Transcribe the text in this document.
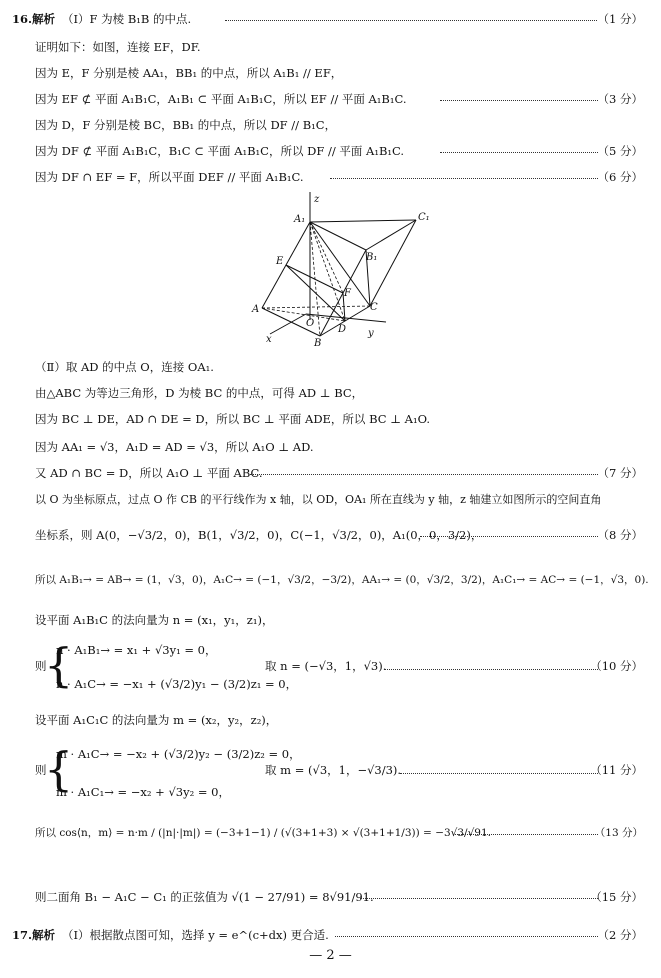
16.解析 （Ⅰ）F 为棱 B₁B 的中点.	（1 分）
证明如下：如图，连接 EF，DF.
因为 E，F 分别是棱 AA₁，BB₁ 的中点，所以 A₁B₁ // EF，
因为 EF ⊄ 平面 A₁B₁C，A₁B₁ ⊂ 平面 A₁B₁C，所以 EF // 平面 A₁B₁C.	（3 分）
因为 D，F 分别是棱 BC，BB₁ 的中点，所以 DF // B₁C，
因为 DF ⊄ 平面 A₁B₁C，B₁C ⊂ 平面 A₁B₁C，所以 DF // 平面 A₁B₁C.	（5 分）
因为 DF ∩ EF = F，所以平面 DEF // 平面 A₁B₁C.	（6 分）
z
A₁	C₁
B₁
E
F
A
O
D
C
B
x
y
（Ⅱ）取 AD 的中点 O，连接 OA₁.
由△ABC 为等边三角形，D 为棱 BC 的中点，可得 AD ⊥ BC，
因为 BC ⊥ DE，AD ∩ DE = D，所以 BC ⊥ 平面 ADE，所以 BC ⊥ A₁O.
因为 AA₁ = √3，A₁D = AD = √3，所以 A₁O ⊥ AD.
又 AD ∩ BC = D，所以 A₁O ⊥ 平面 ABC.	（7 分）
以 O 为坐标原点，过点 O 作 CB 的平行线作为 x 轴，以 OD，OA₁ 所在直线为 y 轴，z 轴建立如图所示的空间直角
坐标系，则 A(0，−√3/2，0)，B(1，√3/2，0)，C(−1，√3/2，0)，A₁(0，0，3/2)，	（8 分）
所以 A₁B₁→ = AB→ = (1，√3，0)，A₁C→ = (−1，√3/2，−3/2)，AA₁→ = (0，√3/2，3/2)，A₁C₁→ = AC→ = (−1，√3，0).
设平面 A₁B₁C 的法向量为 n = (x₁，y₁，z₁)，
则
{
n · A₁B₁→ = x₁ + √3y₁ = 0，
n · A₁C→ = −x₁ + (√3/2)y₁ − (3/2)z₁ = 0，
取 n = (−√3，1，√3).	（10 分）
设平面 A₁C₁C 的法向量为 m = (x₂，y₂，z₂)，
则
{
m · A₁C→ = −x₂ + (√3/2)y₂ − (3/2)z₂ = 0，
m · A₁C₁→ = −x₂ + √3y₂ = 0，
取 m = (√3，1，−√3/3).	（11 分）
所以 cos⟨n，m⟩ = n·m / (|n|·|m|) = (−3+1−1) / (√(3+1+3) × √(3+1+1/3)) = −3√3/√91.	（13 分）
则二面角 B₁ − A₁C − C₁ 的正弦值为 √(1 − 27/91) = 8√91/91.	（15 分）
17.解析 （Ⅰ）根据散点图可知，选择 y = e^(c+dx) 更合适.	（2 分）
— 2 —
